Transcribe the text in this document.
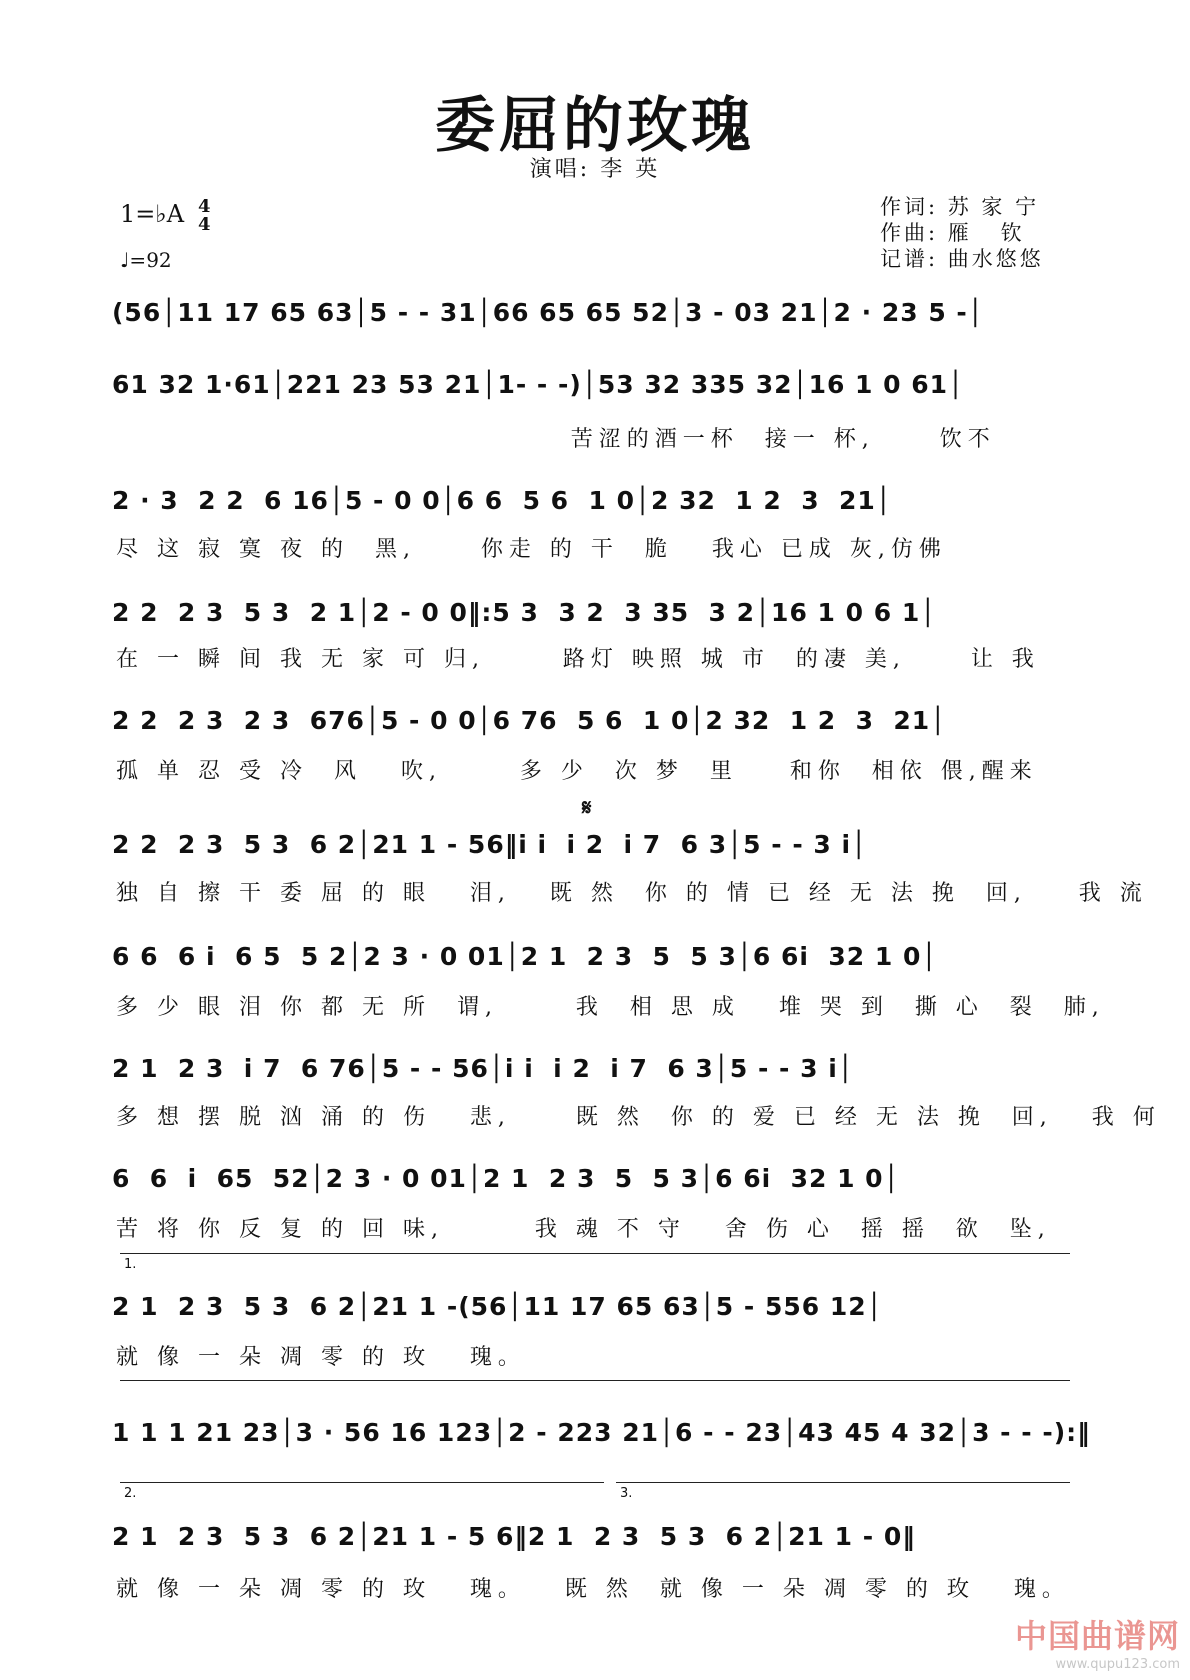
委屈的玫瑰
演唱: 李 英
1=♭A 4
4
♩=92
作词: 苏 家 宁
作曲: 雁   钦
记谱: 曲水悠悠
(56│11 17 65 63│5 - - 31│66 65 65 52│3 - 03 21│2 · 23 5 -│
61 32 1·61│221 23 53 21│1- - -)│53 32 335 32│16 1 0 61│
苦涩的酒一杯  接一 杯,     饮不
2 · 3  2 2  6 16│5 - 0 0│6 6  5 6  1 0│2 32  1 2  3  21│
尽 这 寂 寞 夜 的  黑,     你走 的 干  脆   我心 已成 灰,仿佛
2 2  2 3  5 3  2 1│2 - 0 0‖:5 3  3 2  3 35  3 2│16 1 0 6 1│
在 一 瞬 间 我 无 家 可 归,      路灯 映照 城 市  的凄 美,     让 我
2 2  2 3  2 3  676│5 - 0 0│6 76  5 6  1 0│2 32  1 2  3  21│
孤 单 忍 受 冷  风   吹,      多 少  次 梦  里    和你  相依 偎,醒来
𝄋
2 2  2 3  5 3  6 2│21 1 - 56‖i i  i 2  i 7  6 3│5 - - 3 i│
独 自 擦 干 委 屈 的 眼   泪,   既 然  你 的 情 已 经 无 法 挽  回,    我 流
6 6  6 i  6 5  5 2│2 3 · 0 01│2 1  2 3  5  5 3│6 6i  32 1 0│
多 少 眼 泪 你 都 无 所  谓,      我  相 思 成   堆 哭 到  撕 心  裂  肺,
2 1  2 3  i 7  6 76│5 - - 56│i i  i 2  i 7  6 3│5 - - 3 i│
多 想 摆 脱 汹 涌 的 伤   悲,     既 然  你 的 爱 已 经 无 法 挽  回,   我 何
6  6  i  65  52│2 3 · 0 01│2 1  2 3  5  5 3│6 6i  32 1 0│
苦 将 你 反 复 的 回 味,       我 魂 不 守   舍 伤 心  摇 摇  欲  坠,
1.
2 1  2 3  5 3  6 2│21 1 -(56│11 17 65 63│5 - 556 12│
就 像 一 朵 凋 零 的 玫   瑰。
1 1 1 21 23│3 · 56 16 123│2 - 223 21│6 - - 23│43 45 4 32│3 - - -):‖
2.	3.
2 1  2 3  5 3  6 2│21 1 - 5 6‖2 1  2 3  5 3  6 2│21 1 - 0‖
就 像 一 朵 凋 零 的 玫   瑰。   既 然  就 像 一 朵 凋 零 的 玫   瑰。
中国曲谱网
www.qupu123.com
